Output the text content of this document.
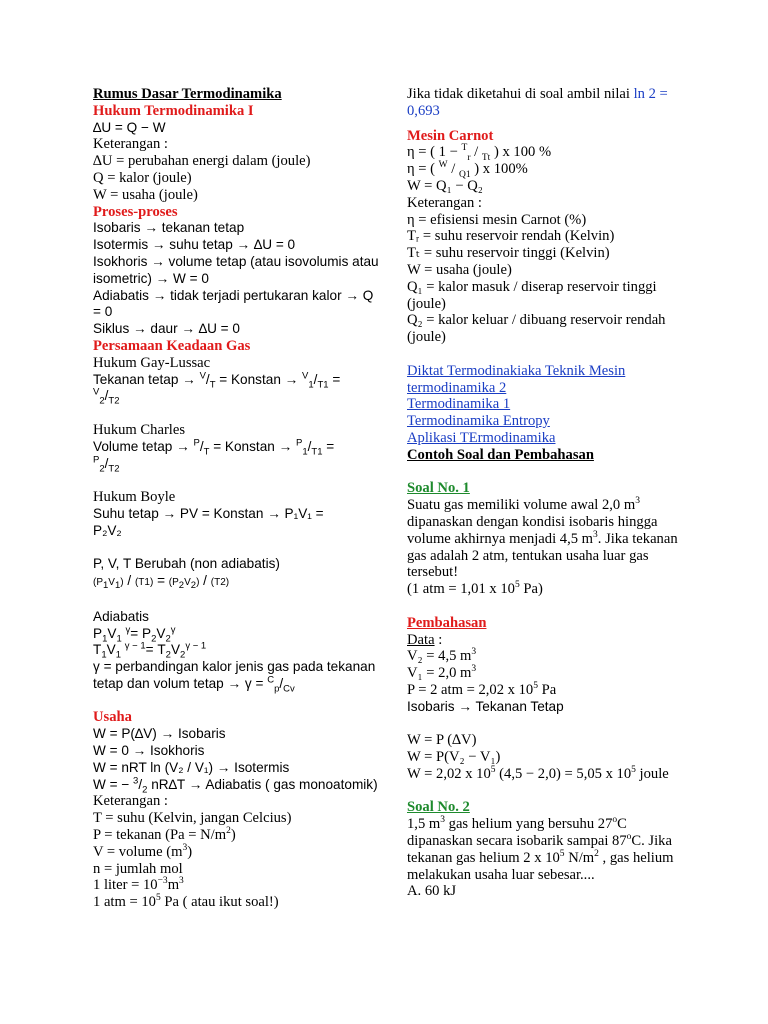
Rumus Dasar Termodinamika
Hukum Termodinamika I
∆U = Q − W
Keterangan :
∆U = perubahan energi dalam (joule)
Q = kalor (joule)
W = usaha (joule)
Proses-proses
Isobaris → tekanan tetap
Isotermis → suhu tetap → ∆U = 0
Isokhoris → volume tetap (atau isovolumis atau isometric) → W = 0
Adiabatis → tidak terjadi pertukaran kalor → Q = 0
Siklus → daur → ∆U = 0
Persamaan Keadaan Gas
Hukum Gay-Lussac
Tekanan tetap → $^V/_T$ = Konstan → $^V_1/_{T1}$ =
$^V_2/_{T2}$
Hukum Charles
Volume tetap → $^P/_T$ = Konstan → $^P_1/_{T1}$ =
$^P_2/_{T2}$
Hukum Boyle
Suhu tetap → PV = Konstan → P₁V₁ =
P₂V₂
P, V, T Berubah (non adiabatis)
$(P_1V_1) / (T1) = (P_2V_2) / (T2)$
Adiabatis
$P_1V_1$ $^\gamma= P_2V_2^\gamma$
$T_1V_1$ $^{\gamma - 1}= T_2V_2^{\gamma - 1}$
γ = perbandingan kalor jenis gas pada tekanan tetap dan volum tetap → $\gamma = ^C_p/_{Cv}$
Usaha
W = P(∆V) → Isobaris
W = 0 → Isokhoris
W = nRT ln (V₂ / V₁) → Isotermis
W = − $^3/_2$ nR∆T → Adiabatis ( gas monoatomik)
Keterangan :
T = suhu (Kelvin, jangan Celcius)
P = tekanan $(Pa = N/m^2)$
V = volume $(m^3)$
n = jumlah mol
1 liter = $10^{-3}m^3$
1 atm = $10^5$ Pa ( atau ikut soal!)
Jika tidak diketahui di soal ambil nilai ln 2 = 0,693
Mesin Carnot
η = ( 1 − $^T_r$ / $_{Tt}$ ) x 100 %
η = ( $^W$ / $_{Q1}$ ) x 100%
W = Q₁ − Q₂
Keterangan :
η = efisiensi mesin Carnot (%)
Tᵣ = suhu reservoir rendah (Kelvin)
Tₜ = suhu reservoir tinggi (Kelvin)
W = usaha (joule)
Q₁ = kalor masuk / diserap reservoir tinggi (joule)
Q₂ = kalor keluar / dibuang reservoir rendah (joule)
Diktat Termodinakiaka Teknik Mesin
termodinamika 2
Termodinamika 1
Termodinamika Entropy
Aplikasi TErmodinamika
Contoh Soal dan Pembahasan
Soal No. 1
Suatu gas memiliki volume awal 2,0 $m^3$ dipanaskan dengan kondisi isobaris hingga volume akhirnya menjadi 4,5 $m^3$. Jika tekanan gas adalah 2 atm, tentukan usaha luar gas tersebut!
(1 atm = 1,01 x $10^5$ Pa)
Pembahasan
Data :
V₂ = 4,5 $m^3$
V₁ = 2,0 $m^3$
P = 2 atm = 2,02 x $10^5$ Pa
Isobaris → Tekanan Tetap
W = P (∆V)
W = P(V₂ − V₁)
W = 2,02 x $10^5$ (4,5 − 2,0) = 5,05 x $10^5$ joule
Soal No. 2
1,5 $m^3$ gas helium yang bersuhu 27$^o$C dipanaskan secara isobarik sampai 87$^o$C. Jika tekanan gas helium 2 x $10^5$ $N/m^2$ , gas helium melakukan usaha luar sebesar....
A. 60 kJ
